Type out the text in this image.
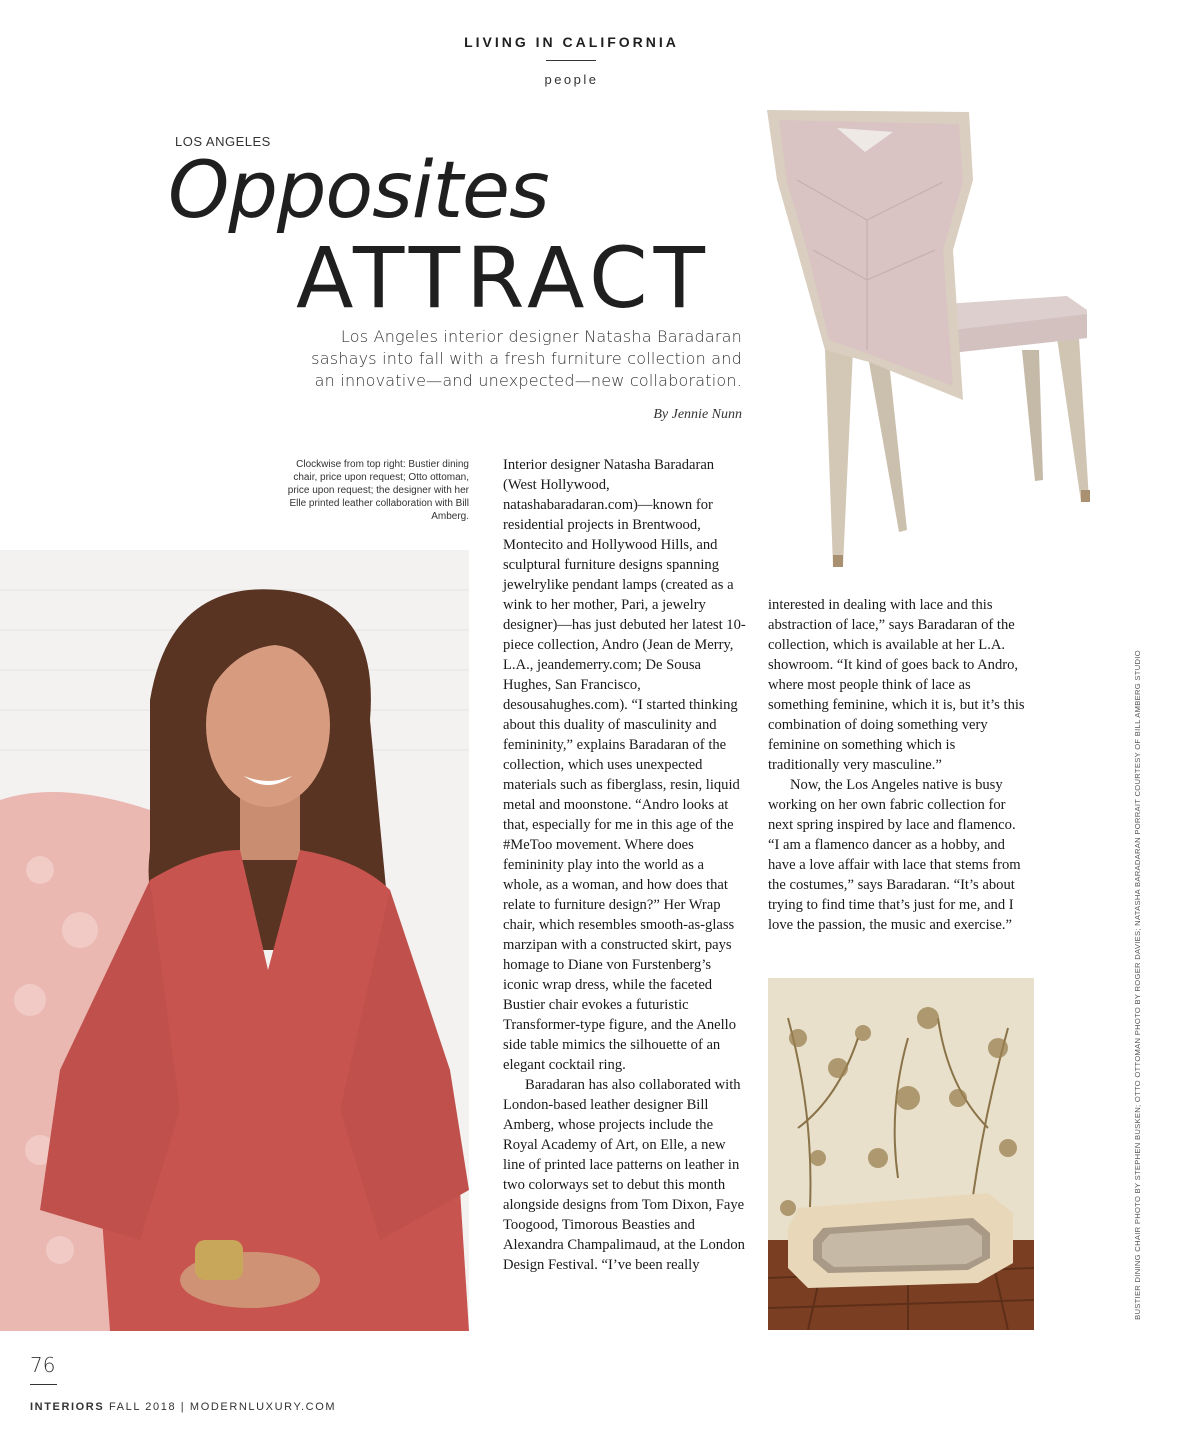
LIVING IN CALIFORNIA
people
LOS ANGELES
Opposites
ATTRACT
Los Angeles interior designer Natasha Baradaran sashays into fall with a fresh furniture collection and an innovative—and unexpected—new collaboration.
By Jennie Nunn
Clockwise from top right: Bustier dining chair, price upon request; Otto ottoman, price upon request; the designer with her Elle printed leather collaboration with Bill Amberg.

Interior designer Natasha Baradaran (West Hollywood, natashabaradaran.com)—known for residential projects in Brentwood, Montecito and Hollywood Hills, and sculptural furniture designs spanning jewelrylike pendant lamps (created as a wink to her mother, Pari, a jewelry designer)—has just debuted her latest 10-piece collection, Andro (Jean de Merry, L.A., jeandemerry.com; De Sousa Hughes, San Francisco, desousahughes.com). “I started thinking about this duality of masculinity and femininity,” explains Baradaran of the collection, which uses unexpected materials such as fiberglass, resin, liquid metal and moonstone. “Andro looks at that, especially for me in this age of the #MeToo movement. Where does femininity play into the world as a whole, as a woman, and how does that relate to furniture design?” Her Wrap chair, which resembles smooth-as-glass marzipan with a constructed skirt, pays homage to Diane von Furstenberg’s iconic wrap dress, while the faceted Bustier chair evokes a futuristic Transformer-type figure, and the Anello side table mimics the silhouette of an elegant cocktail ring.

Baradaran has also collaborated with London-based leather designer Bill Amberg, whose projects include the Royal Academy of Art, on Elle, a new line of printed lace patterns on leather in two colorways set to debut this month alongside designs from Tom Dixon, Faye Toogood, Timorous Beasties and Alexandra Champalimaud, at the London Design Festival. “I’ve been really

interested in dealing with lace and this abstraction of lace,” says Baradaran of the collection, which is available at her L.A. showroom. “It kind of goes back to Andro, where most people think of lace as something feminine, which it is, but it’s this combination of doing something very feminine on something which is traditionally very masculine.”

Now, the Los Angeles native is busy working on her own fabric collection for next spring inspired by lace and flamenco. “I am a flamenco dancer as a hobby, and have a love affair with lace that stems from the costumes,” says Baradaran. “It’s about trying to find time that’s just for me, and I love the passion, the music and exercise.”	BUSTIER DINING CHAIR PHOTO BY STEPHEN BUSKEN; OTTO OTTOMAN PHOTO BY ROGER DAVIES; NATASHA BARADARAN PORRAIT COURTESY OF BILL AMBERG STUDIO
76
INTERIORS FALL 2018 | MODERNLUXURY.COM
